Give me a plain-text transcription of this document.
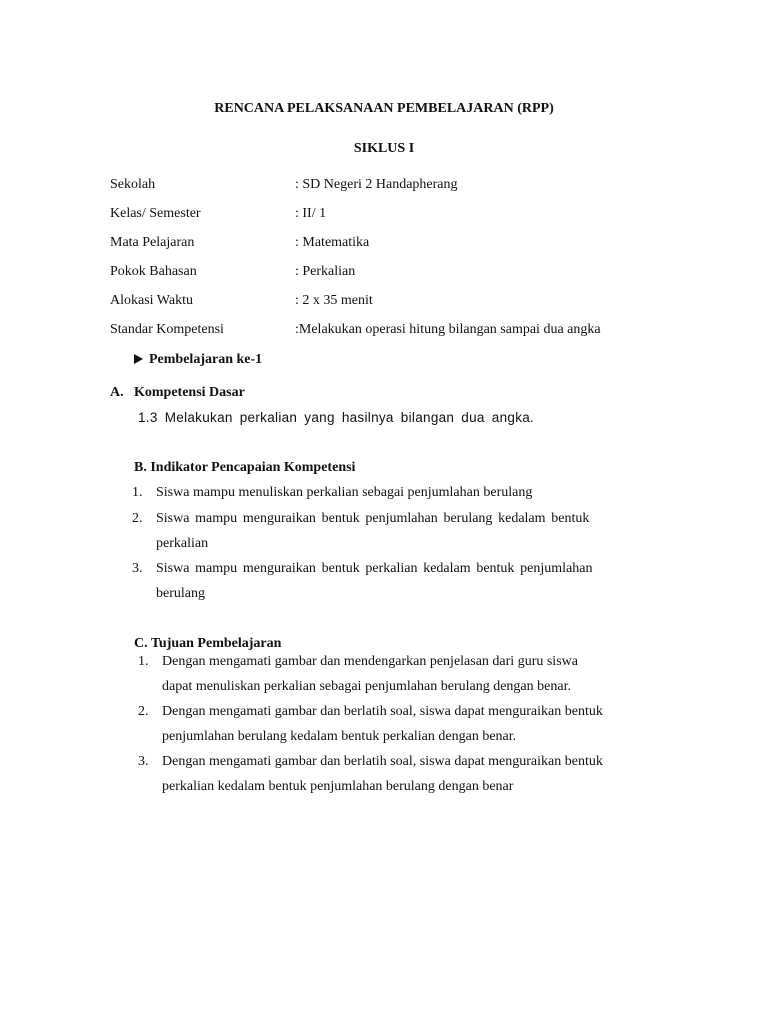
RENCANA PELAKSANAAN PEMBELAJARAN (RPP)
SIKLUS I
Sekolah	: SD Negeri 2 Handapherang
Kelas/ Semester	: II/ 1
Mata Pelajaran	: Matematika
Pokok Bahasan	: Perkalian
Alokasi Waktu	: 2 x 35 menit
Standar Kompetensi	:Melakukan operasi hitung bilangan sampai dua angka
Pembelajaran ke-1
A. Kompetensi Dasar
1.3 Melakukan perkalian yang hasilnya bilangan dua angka.
B. Indikator Pencapaian Kompetensi
1. Siswa mampu menuliskan perkalian sebagai penjumlahan berulang
2. Siswa mampu menguraikan bentuk penjumlahan berulang kedalam bentuk
perkalian
3. Siswa mampu menguraikan bentuk perkalian kedalam bentuk penjumlahan
berulang
C. Tujuan Pembelajaran
1. Dengan mengamati gambar dan mendengarkan penjelasan dari guru siswa
dapat menuliskan perkalian sebagai penjumlahan berulang dengan benar.
2. Dengan mengamati gambar dan berlatih soal, siswa dapat menguraikan bentuk
penjumlahan berulang kedalam bentuk perkalian dengan benar.
3. Dengan mengamati gambar dan berlatih soal, siswa dapat menguraikan bentuk
perkalian kedalam bentuk penjumlahan berulang dengan benar
